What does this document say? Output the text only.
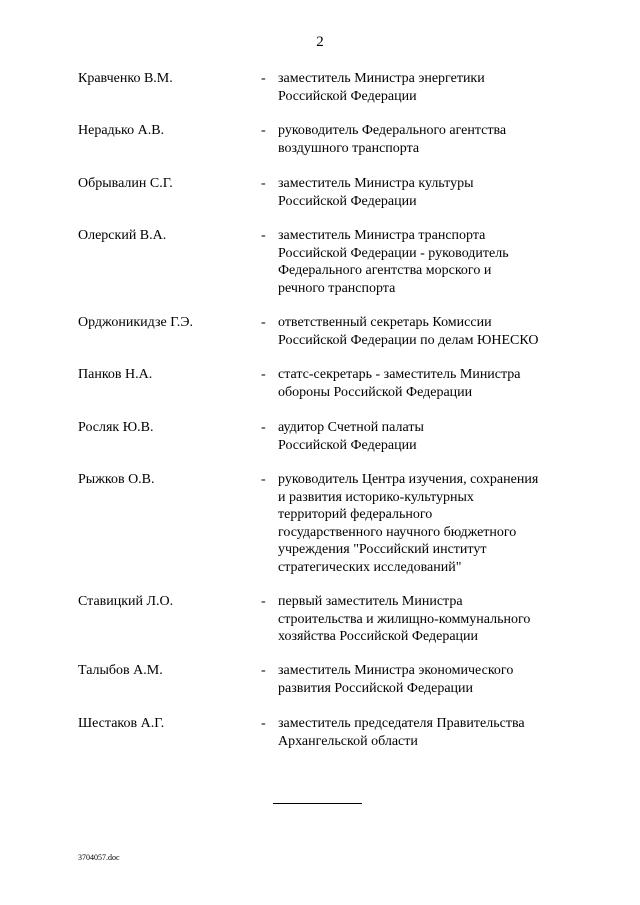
2
Кравченко В.М.	- заместитель Министра энергетики
Российской Федерации
Нерадько А.В.	- руководитель Федерального агентства
воздушного транспорта
Обрывалин С.Г.	- заместитель Министра культуры
Российской Федерации
Олерский В.А.	- заместитель Министра транспорта
Российской Федерации - руководитель
Федерального агентства морского и
речного транспорта
Орджоникидзе Г.Э.	- ответственный секретарь Комиссии
Российской Федерации по делам ЮНЕСКО
Панков Н.А.	- статс-секретарь - заместитель Министра
обороны Российской Федерации
Росляк Ю.В.	- аудитор Счетной палаты
Российской Федерации
Рыжков О.В.	- руководитель Центра изучения, сохранения
и развития историко-культурных
территорий федерального
государственного научного бюджетного
учреждения "Российский институт
стратегических исследований"
Ставицкий Л.О.	- первый заместитель Министра
строительства и жилищно-коммунального
хозяйства Российской Федерации
Талыбов А.М.	- заместитель Министра экономического
развития Российской Федерации
Шестаков А.Г.	- заместитель председателя Правительства
Архангельской области
3704057.doc
